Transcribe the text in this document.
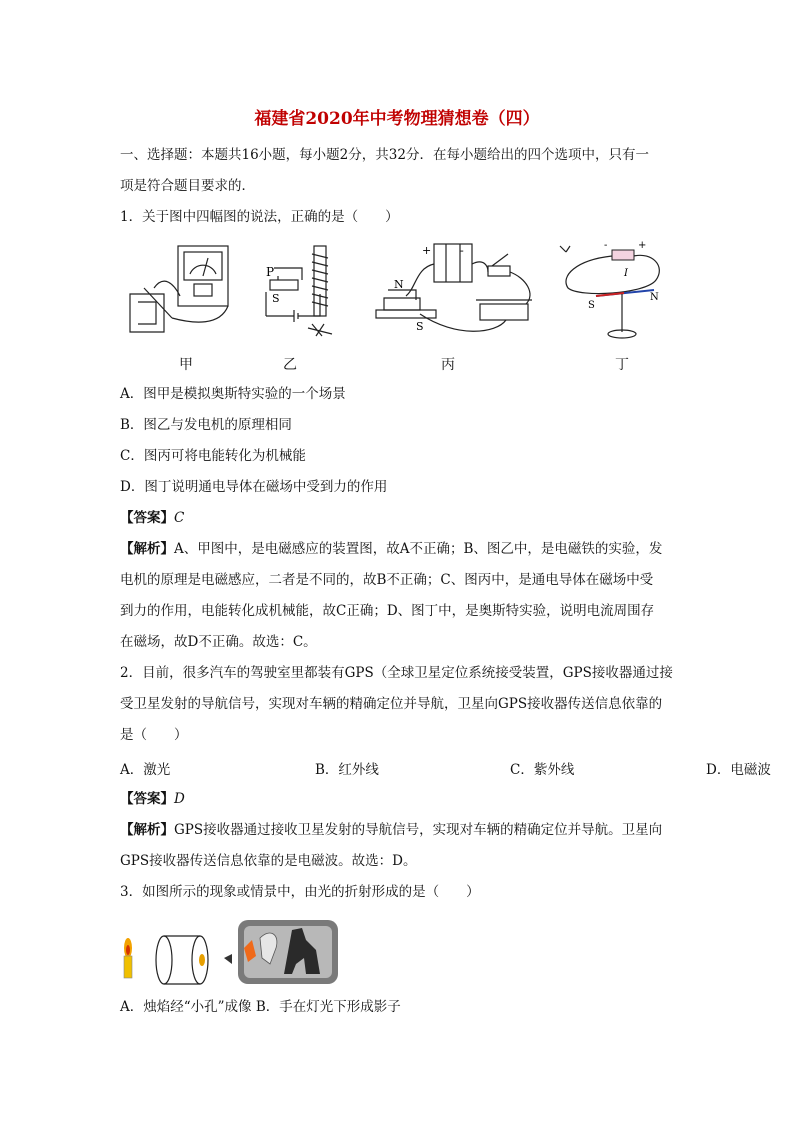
福建省2020年中考物理猜想卷（四）
一、选择题：本题共16小题，每小题2分，共32分．在每小题给出的四个选项中，只有一
项是符合题目要求的．
1．关于图中四幅图的说法，正确的是（　　）
P
S
+	-
N
S
-	+
I
S
N
甲	乙	丙	丁
A．图甲是模拟奥斯特实验的一个场景
B．图乙与发电机的原理相同
C．图丙可将电能转化为机械能
D．图丁说明通电导体在磁场中受到力的作用
【答案】C
【解析】A、甲图中，是电磁感应的装置图，故A不正确；B、图乙中，是电磁铁的实验，发
电机的原理是电磁感应，二者是不同的，故B不正确；C、图丙中，是通电导体在磁场中受
到力的作用，电能转化成机械能，故C正确；D、图丁中，是奥斯特实验，说明电流周围存
在磁场，故D不正确。故选：C。
2．目前，很多汽车的驾驶室里都装有GPS（全球卫星定位系统接受装置，GPS接收器通过接
受卫星发射的导航信号，实现对车辆的精确定位并导航，卫星向GPS接收器传送信息依靠的
是（　　）
A．激光	B．红外线	C．紫外线	D．电磁波
【答案】D
【解析】GPS接收器通过接收卫星发射的导航信号，实现对车辆的精确定位并导航。卫星向
GPS接收器传送信息依靠的是电磁波。故选：D。
3．如图所示的现象或情景中，由光的折射形成的是（　　）
A．烛焰经“小孔”成像 B．手在灯光下形成影子
